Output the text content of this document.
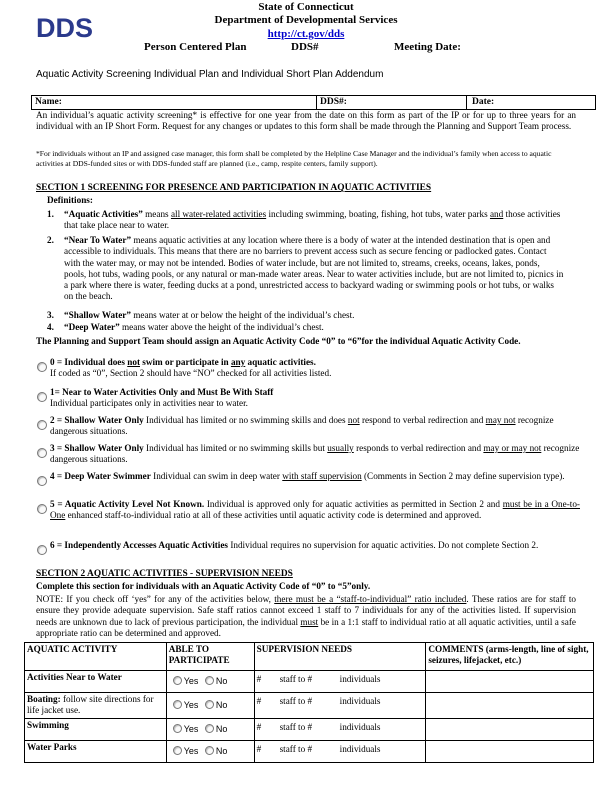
DDS
State of Connecticut
Department of Developmental Services
http://ct.gov/dds
Person Centered Plan	DDS#	Meeting Date:
Aquatic Activity Screening Individual Plan and Individual Short Plan Addendum
Name:	DDS#:	Date:
An individual’s aquatic activity screening* is effective for one year from the date on this form as part of the IP or for up to three years for an individual with an IP Short Form. Request for any changes or updates to this form shall be made through the Planning and Support Team process.
*For individuals without an IP and assigned case manager, this form shall be completed by the Helpline Case Manager and the individual’s family when access to aquatic activities at DDS-funded sites or with DDS-funded staff are planned (i.e., camp, respite centers, family support).
SECTION 1 SCREENING FOR PRESENCE AND PARTICIPATION IN AQUATIC ACTIVITIES
Definitions:
1. “Aquatic Activities” means all water-related activities including swimming, boating, fishing, hot tubs, water parks and those activities that take place near to water.
2. “Near To Water” means aquatic activities at any location where there is a body of water at the intended destination that is open and accessible to individuals. This means that there are no barriers to prevent access such as secure fencing or padlocked gates. Contact with the water may, or may not be intended. Bodies of water include, but are not limited to, streams, creeks, oceans, lakes, ponds, pools, hot tubs, wading pools, or any natural or man-made water areas. Near to water activities include, but are not limited to, picnics in a park where there is water, feeding ducks at a pond, unrestricted access to backyard wading or swimming pools or hot tubs, or walks on the beach.
3. “Shallow Water” means water at or below the height of the individual’s chest.
4. “Deep Water” means water above the height of the individual’s chest.
The Planning and Support Team should assign an Aquatic Activity Code “0” to “6”for the individual Aquatic Activity Code.
0 = Individual does not swim or participate in any aquatic activities.
If coded as “0”, Section 2 should have “NO” checked for all activities listed.
1= Near to Water Activities Only and Must Be With Staff
Individual participates only in activities near to water.
2 = Shallow Water Only Individual has limited or no swimming skills and does not respond to verbal redirection and may not recognize dangerous situations.
3 = Shallow Water Only Individual has limited or no swimming skills but usually responds to verbal redirection and may or may not recognize dangerous situations.
4 = Deep Water Swimmer Individual can swim in deep water with staff supervision (Comments in Section 2 may define supervision type).
5 = Aquatic Activity Level Not Known. Individual is approved only for aquatic activities as permitted in Section 2 and must be in a One-to-One enhanced staff-to-individual ratio at all of these activities until aquatic activity code is determined and approved.
6 = Independently Accesses Aquatic Activities Individual requires no supervision for aquatic activities. Do not complete Section 2.
SECTION 2 AQUATIC ACTIVITIES - SUPERVISION NEEDS
Complete this section for individuals with an Aquatic Activity Code of “0” to “5”only.
NOTE: If you check off ‘yes” for any of the activities below, there must be a “staff-to-individual” ratio included. These ratios are for staff to ensure they provide adequate supervision. Safe staff ratios cannot exceed 1 staff to 7 individuals for any of the activities listed. If supervision needs are unknown due to lack of previous participation, the individual must be in a 1:1 staff to individual ratio at all aquatic activities, until a safe appropriate ratio can be determined and approved.
AQUATIC ACTIVITY	ABLE TO PARTICIPATE	SUPERVISION NEEDS	COMMENTS (arms-length, line of sight, seizures, lifejacket, etc.)
Activities Near to Water	Yes No	# staff to # individuals	
Boating: follow site directions for life jacket use.	Yes No	# staff to # individuals	
Swimming	Yes No	# staff to # individuals	
Water Parks	Yes No	# staff to # individuals	
